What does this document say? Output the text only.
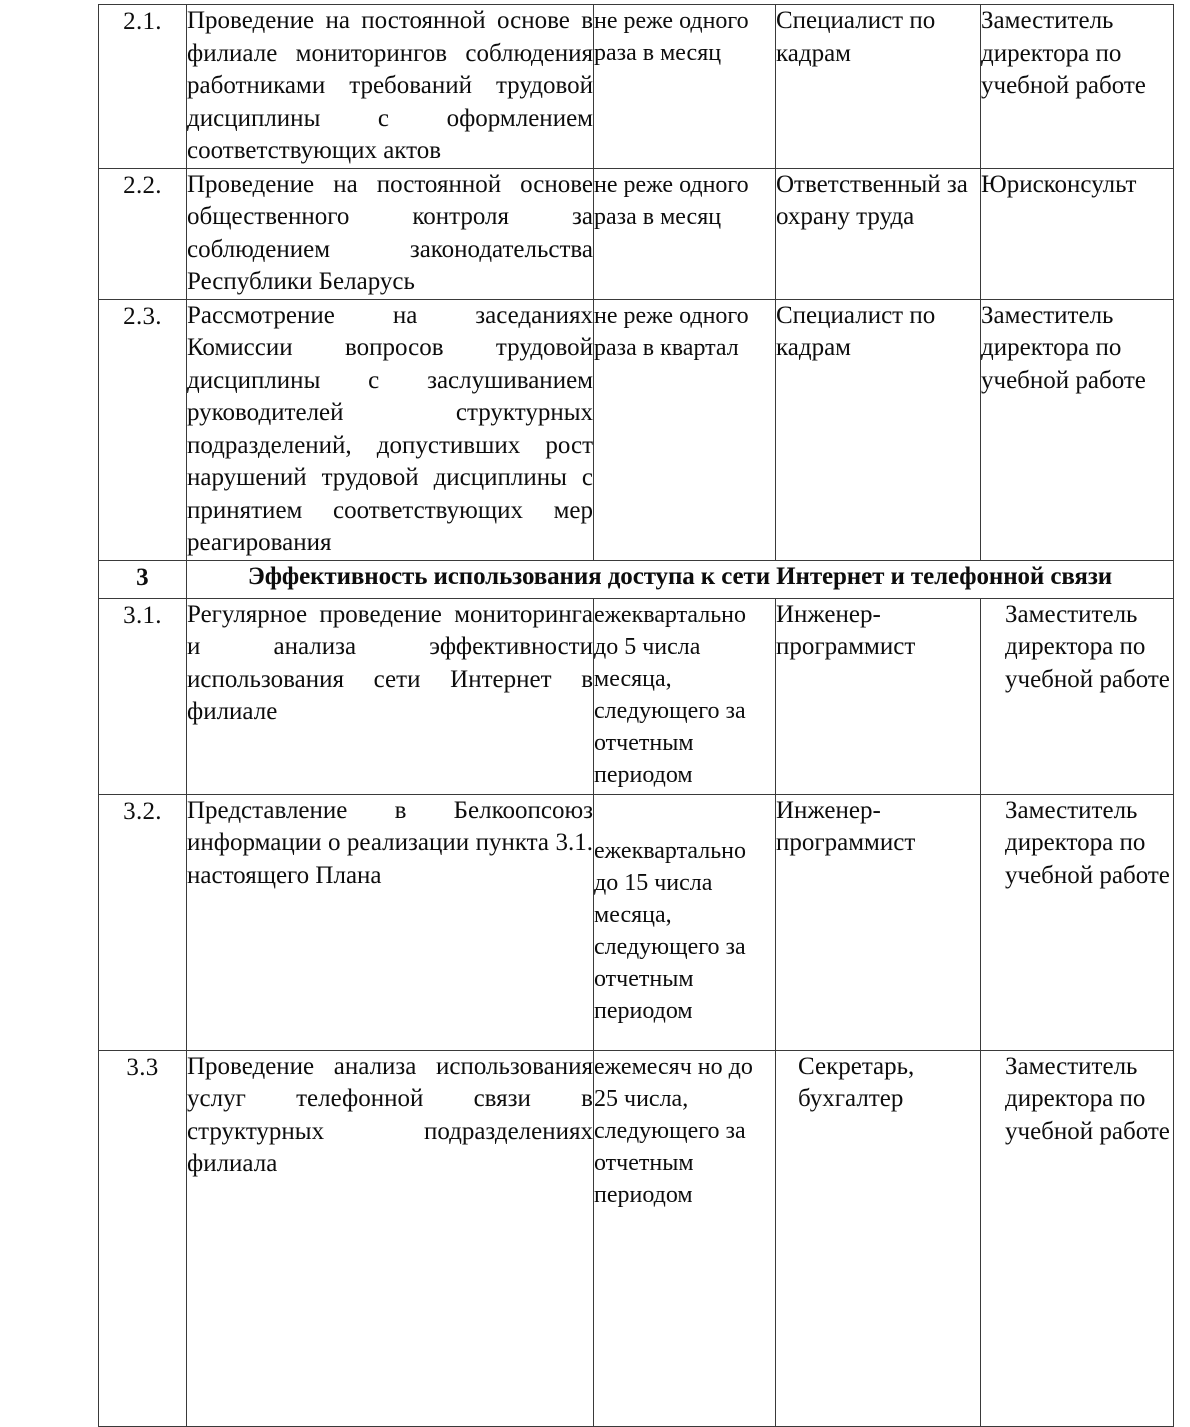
2.1.	Проведение на постоянной основе в филиале мониторингов соблюдения работниками требований трудовой дисциплины с оформлением соответствующих актов	не реже одного раза в месяц	Специалист по кадрам	Заместитель директора по учебной работе
2.2.	Проведение на постоянной основе общественного контроля за соблюдением законодательства Республики Беларусь	не реже одного раза в месяц	Ответственный за охрану труда	Юрисконсульт
2.3.	Рассмотрение на заседаниях Комиссии вопросов трудовой дисциплины с заслушиванием руководителей структурных подразделений, допустивших рост нарушений трудовой дисциплины с принятием соответствующих мер реагирования	не реже одного раза в квартал	Специалист по кадрам	Заместитель директора по учебной работе
3	Эффективность использования доступа к сети Интернет и телефонной связи			
3.1.	Регулярное проведение мониторинга и анализа эффективности использования сети Интернет в филиале	ежеквартально до 5 числа месяца, следующего за отчетным периодом	Инженер-программист	Заместитель директора по учебной работе
3.2.	Представление в Белкоопсоюз информации о реализации пункта 3.1. настоящего Плана	ежеквартально до 15 числа месяца, следующего за отчетным периодом	Инженер-программист	Заместитель директора по учебной работе
3.3	Проведение анализа использования услуг телефонной связи в структурных подразделениях филиала	ежемесяч но до 25 числа, следующего за отчетным периодом	Секретарь, бухгалтер	Заместитель директора по учебной работе
